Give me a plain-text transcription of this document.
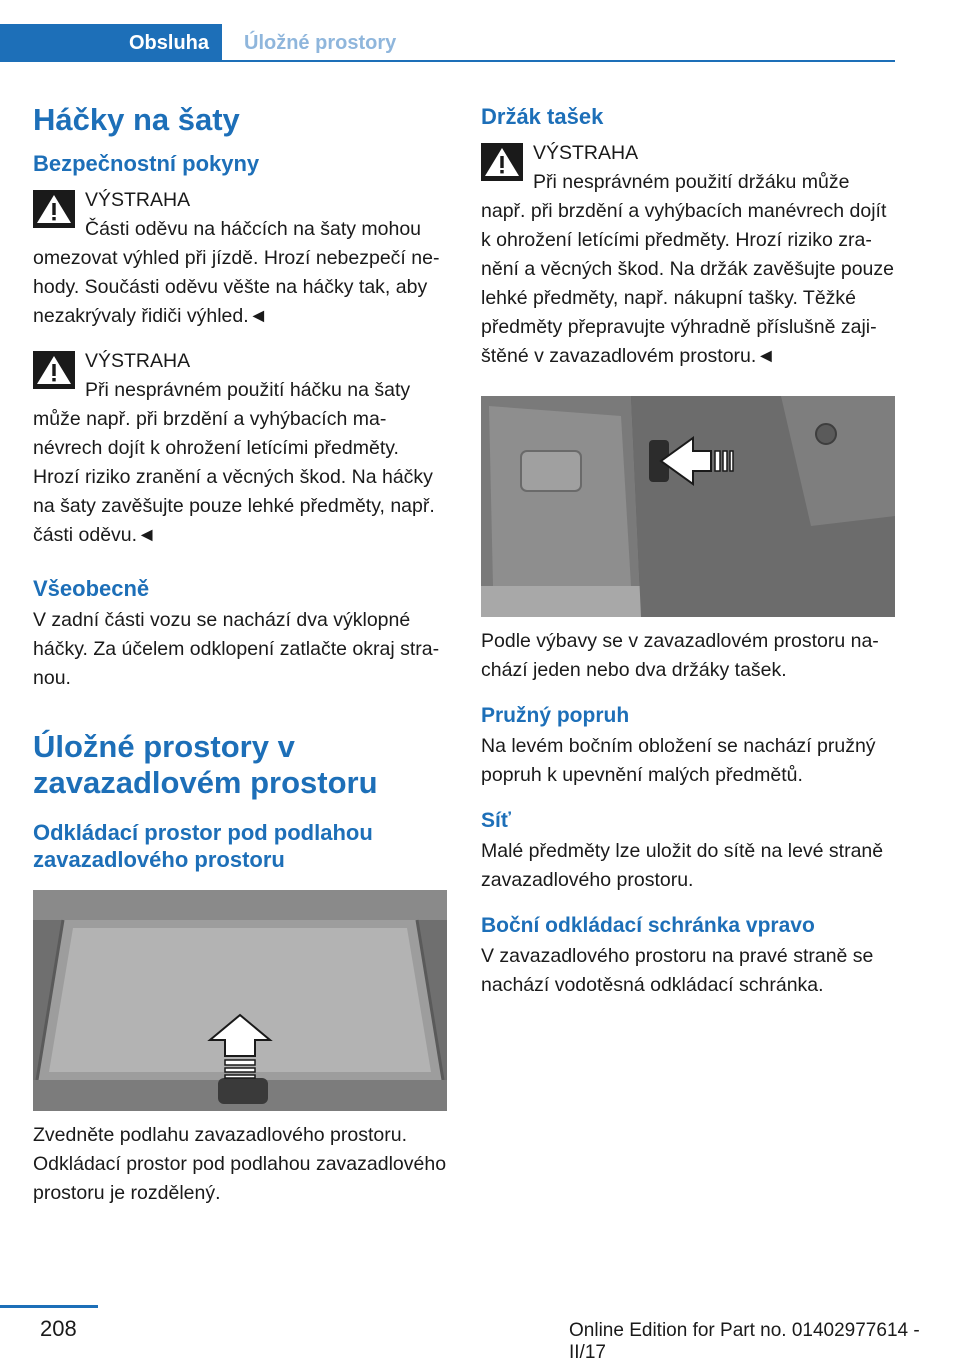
Obsluha	Úložné prostory
Háčky na šaty
Bezpečnostní pokyny

VÝSTRAHA
Části oděvu na háčcích na šaty mohou omezovat výhled při jízdě. Hrozí nebezpečí nehody. Součásti oděvu věšte na háčky tak, aby nezakrývaly řidiči výhled.◄

VÝSTRAHA
Při nesprávném použití háčku na šaty může např. při brzdění a vyhýbacích manévrech dojít k ohrožení letícími předměty. Hrozí riziko zranění a věcných škod. Na háčky na šaty zavěšujte pouze lehké předměty, např. části oděvu.◄

Všeobecně

V zadní části vozu se nachází dva výklopné háčky. Za účelem odklopení zatlačte okraj stranou.

Úložné prostory v
zavazadlovém prostoru
Odkládací prostor pod podlahou
zavazadlového prostoru

Zvedněte podlahu zavazadlového prostoru. Odkládací prostor pod podlahou zavazadlového prostoru je rozdělený.

Držák tašek

VÝSTRAHA
Při nesprávném použití držáku může např. při brzdění a vyhýbacích manévrech dojít k ohrožení letícími předměty. Hrozí riziko zranění a věcných škod. Na držák zavěšujte pouze lehké předměty, např. nákupní tašky. Těžké předměty přepravujte výhradně příslušně zajištěné v zavazadlovém prostoru.◄

Podle výbavy se v zavazadlovém prostoru nachází jeden nebo dva držáky tašek.

Pružný popruh

Na levém bočním obložení se nachází pružný popruh k upevnění malých předmětů.

Síť

Malé předměty lze uložit do sítě na levé straně zavazadlového prostoru.

Boční odkládací schránka vpravo

V zavazadlového prostoru na pravé straně se nachází vodotěsná odkládací schránka.

208	Online Edition for Part no. 01402977614 - II/17
